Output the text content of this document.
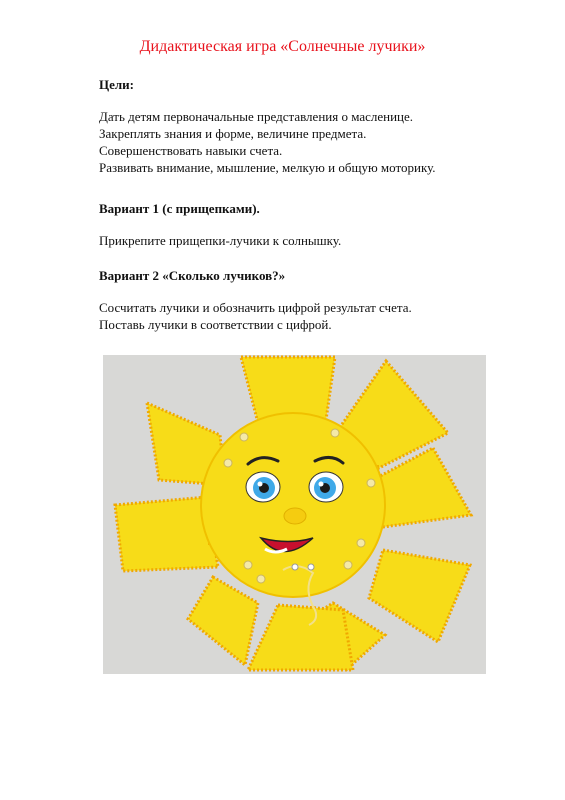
Дидактическая игра «Солнечные лучики»
Цели:
Дать детям первоначальные представления о масленице.
Закреплять знания и форме, величине предмета.
Совершенствовать навыки счета.
Развивать внимание, мышление, мелкую и общую моторику.
Вариант 1 (с прищепками).
Прикрепите прищепки-лучики к солнышку.
Вариант 2 «Сколько лучиков?»
Сосчитать лучики и обозначить цифрой результат счета.
Поставь лучики в соответствии с цифрой.
